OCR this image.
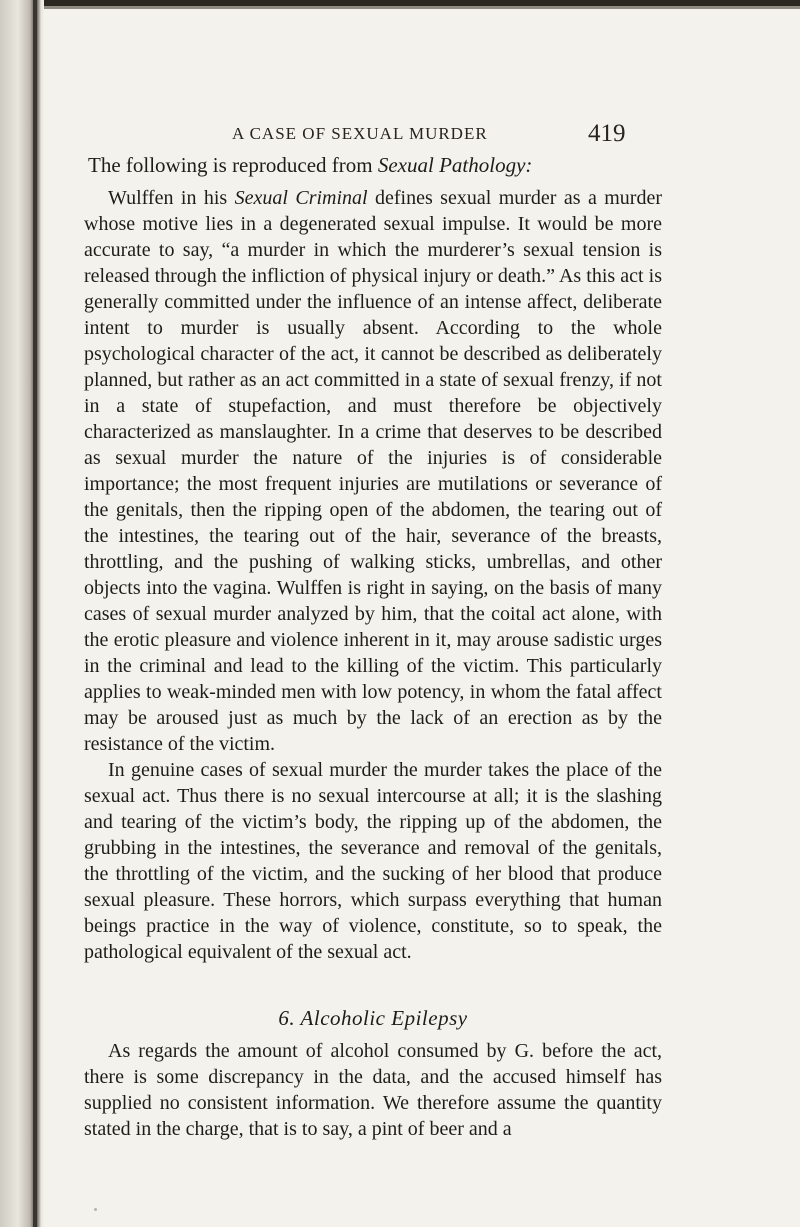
A CASE OF SEXUAL MURDER	419
The following is reproduced from Sexual Pathology:

Wulffen in his Sexual Criminal defines sexual murder as a murder whose motive lies in a degenerated sexual impulse. It would be more accurate to say, “a murder in which the murderer’s sexual tension is released through the infliction of physical injury or death.” As this act is generally committed under the influence of an intense affect, deliberate intent to murder is usually absent. According to the whole psychological character of the act, it cannot be described as deliberately planned, but rather as an act committed in a state of sexual frenzy, if not in a state of stupefaction, and must therefore be objectively characterized as manslaughter. In a crime that deserves to be described as sexual murder the nature of the injuries is of considerable importance; the most frequent injuries are mutilations or severance of the genitals, then the ripping open of the abdomen, the tearing out of the intestines, the tearing out of the hair, severance of the breasts, throttling, and the pushing of walking sticks, umbrellas, and other objects into the vagina. Wulffen is right in saying, on the basis of many cases of sexual murder analyzed by him, that the coital act alone, with the erotic pleasure and violence inherent in it, may arouse sadistic urges in the criminal and lead to the killing of the victim. This particularly applies to weak-minded men with low potency, in whom the fatal affect may be aroused just as much by the lack of an erection as by the resistance of the victim.

In genuine cases of sexual murder the murder takes the place of the sexual act. Thus there is no sexual intercourse at all; it is the slashing and tearing of the victim’s body, the ripping up of the abdomen, the grubbing in the intestines, the severance and removal of the genitals, the throttling of the victim, and the sucking of her blood that produce sexual pleasure. These horrors, which surpass everything that human beings practice in the way of violence, constitute, so to speak, the pathological equivalent of the sexual act.

6. Alcoholic Epilepsy

As regards the amount of alcohol consumed by G. before the act, there is some discrepancy in the data, and the accused himself has supplied no consistent information. We therefore assume the quantity stated in the charge, that is to say, a pint of beer and a
